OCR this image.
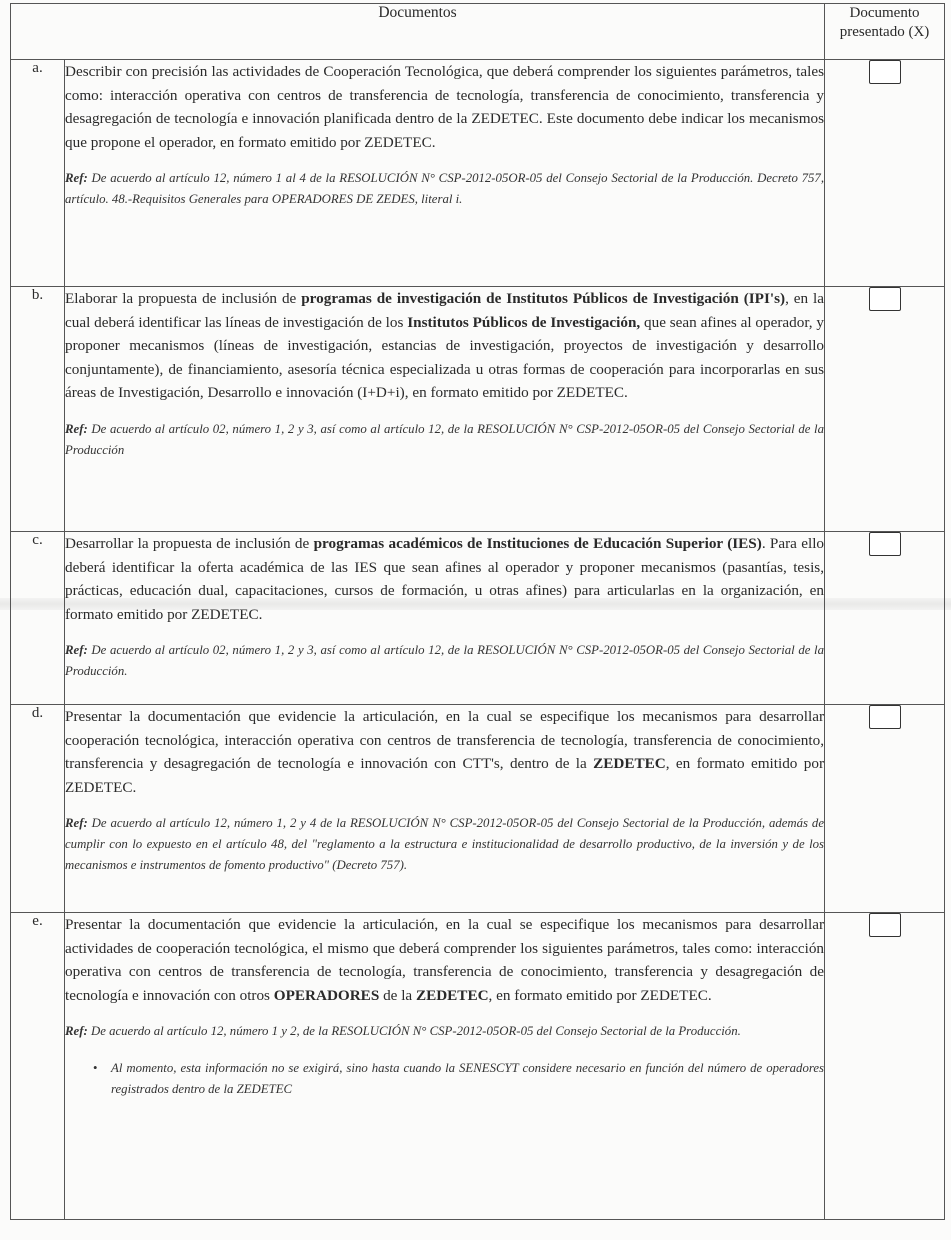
Documentos		Documento presentado (X)
a.	Describir con precisión las actividades de Cooperación Tecnológica, que deberá comprender los siguientes parámetros, tales como: interacción operativa con centros de transferencia de tecnología, transferencia de conocimiento, transferencia y desagregación de tecnología e innovación planificada dentro de la ZEDETEC. Este documento debe indicar los mecanismos que propone el operador, en formato emitido por ZEDETEC.

Ref: De acuerdo al artículo 12, número 1 al 4 de la RESOLUCIÓN N° CSP-2012-05OR-05 del Consejo Sectorial de la Producción. Decreto 757, artículo. 48.-Requisitos Generales para OPERADORES DE ZEDES, literal i.	

b.	Elaborar la propuesta de inclusión de programas de investigación de Institutos Públicos de Investigación (IPI's), en la cual deberá identificar las líneas de investigación de los Institutos Públicos de Investigación, que sean afines al operador, y proponer mecanismos (líneas de investigación, estancias de investigación, proyectos de investigación y desarrollo conjuntamente), de financiamiento, asesoría técnica especializada u otras formas de cooperación para incorporarlas en sus áreas de Investigación, Desarrollo e innovación (I+D+i), en formato emitido por ZEDETEC.

Ref: De acuerdo al artículo 02, número 1, 2 y 3, así como al artículo 12, de la RESOLUCIÓN N° CSP-2012-05OR-05 del Consejo Sectorial de la Producción	

c.	Desarrollar la propuesta de inclusión de programas académicos de Instituciones de Educación Superior (IES). Para ello deberá identificar la oferta académica de las IES que sean afines al operador y proponer mecanismos (pasantías, tesis, prácticas, educación dual, capacitaciones, cursos de formación, u otras afines) para articularlas en la organización, en formato emitido por ZEDETEC.

Ref: De acuerdo al artículo 02, número 1, 2 y 3, así como al artículo 12, de la RESOLUCIÓN N° CSP-2012-05OR-05 del Consejo Sectorial de la Producción.	

d.	Presentar la documentación que evidencie la articulación, en la cual se especifique los mecanismos para desarrollar cooperación tecnológica, interacción operativa con centros de transferencia de tecnología, transferencia de conocimiento, transferencia y desagregación de tecnología e innovación con CTT's, dentro de la ZEDETEC, en formato emitido por ZEDETEC.

Ref: De acuerdo al artículo 12, número 1, 2 y 4 de la RESOLUCIÓN N° CSP-2012-05OR-05 del Consejo Sectorial de la Producción, además de cumplir con lo expuesto en el artículo 48, del "reglamento a la estructura e institucionalidad de desarrollo productivo, de la inversión y de los mecanismos e instrumentos de fomento productivo" (Decreto 757).	

e.	Presentar la documentación que evidencie la articulación, en la cual se especifique los mecanismos para desarrollar actividades de cooperación tecnológica, el mismo que deberá comprender los siguientes parámetros, tales como: interacción operativa con centros de transferencia de tecnología, transferencia de conocimiento, transferencia y desagregación de tecnología e innovación con otros OPERADORES de la ZEDETEC, en formato emitido por ZEDETEC.

Ref: De acuerdo al artículo 12, número 1 y 2, de la RESOLUCIÓN N° CSP-2012-05OR-05 del Consejo Sectorial de la Producción.

• Al momento, esta información no se exigirá, sino hasta cuando la SENESCYT considere necesario en función del número de operadores registrados dentro de la ZEDETEC	
